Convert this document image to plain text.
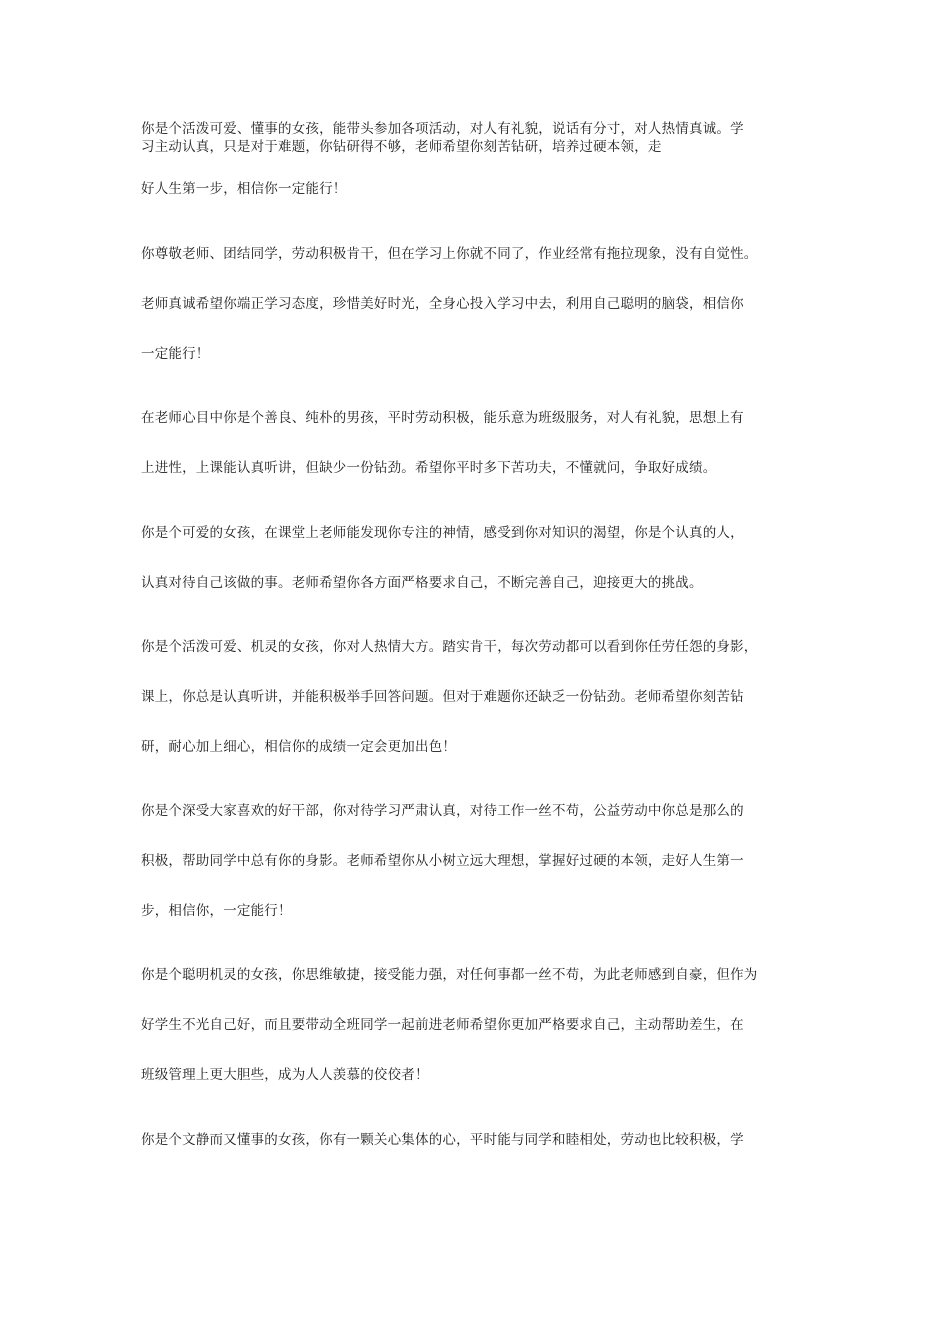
你是个活泼可爱、懂事的女孩，能带头参加各项活动，对人有礼貌，说话有分寸，对人热情真诚。学
习主动认真，只是对于难题，你钻研得不够，老师希望你刻苦钻研，培养过硬本领，走
好人生第一步，相信你一定能行！
你尊敬老师、团结同学，劳动积极肯干，但在学习上你就不同了，作业经常有拖拉现象，没有自觉性。
老师真诚希望你端正学习态度，珍惜美好时光，全身心投入学习中去，利用自己聪明的脑袋，相信你
一定能行！
在老师心目中你是个善良、纯朴的男孩，平时劳动积极，能乐意为班级服务，对人有礼貌，思想上有
上进性，上课能认真听讲，但缺少一份钻劲。希望你平时多下苦功夫，不懂就问，争取好成绩。
你是个可爱的女孩，在课堂上老师能发现你专注的神情，感受到你对知识的渴望，你是个认真的人，
认真对待自己该做的事。老师希望你各方面严格要求自己，不断完善自己，迎接更大的挑战。
你是个活泼可爱、机灵的女孩，你对人热情大方。踏实肯干，每次劳动都可以看到你任劳任怨的身影，
课上，你总是认真听讲，并能积极举手回答问题。但对于难题你还缺乏一份钻劲。老师希望你刻苦钻
研，耐心加上细心，相信你的成绩一定会更加出色！
你是个深受大家喜欢的好干部，你对待学习严肃认真，对待工作一丝不苟，公益劳动中你总是那么的
积极，帮助同学中总有你的身影。老师希望你从小树立远大理想，掌握好过硬的本领，走好人生第一
步，相信你，一定能行！
你是个聪明机灵的女孩，你思维敏捷，接受能力强，对任何事都一丝不苟，为此老师感到自豪，但作为
好学生不光自己好，而且要带动全班同学一起前进老师希望你更加严格要求自己，主动帮助差生，在
班级管理上更大胆些，成为人人羡慕的佼佼者！
你是个文静而又懂事的女孩，你有一颗关心集体的心，平时能与同学和睦相处，劳动也比较积极，学
